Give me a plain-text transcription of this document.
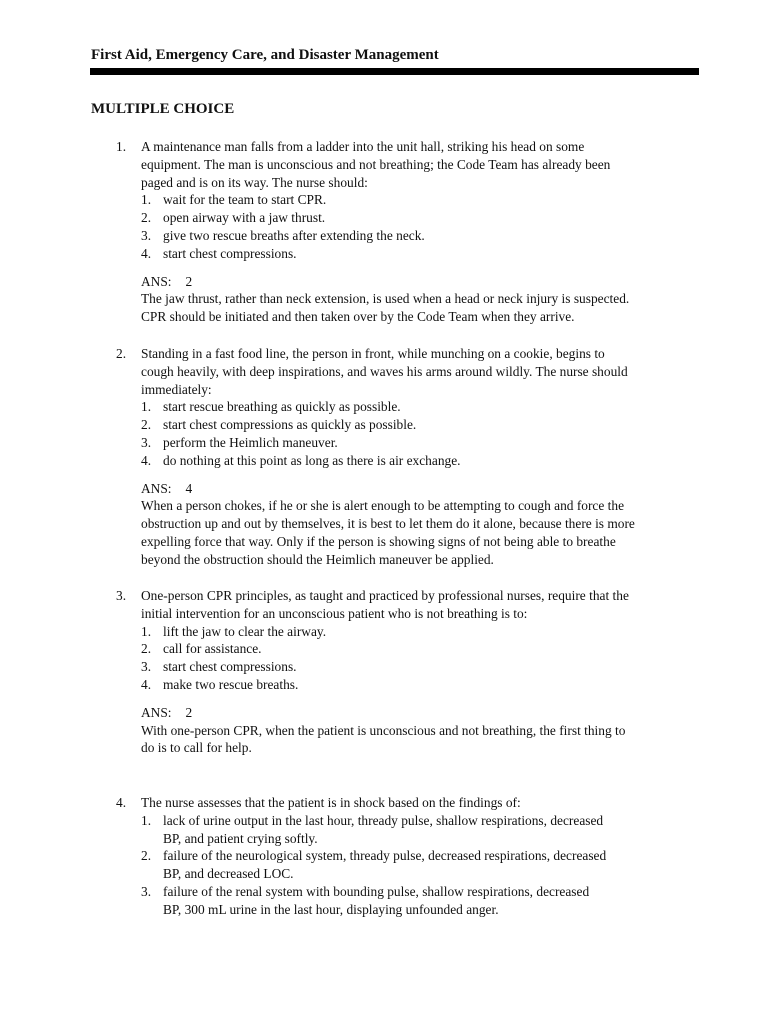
First Aid, Emergency Care, and Disaster Management
MULTIPLE CHOICE
1. A maintenance man falls from a ladder into the unit hall, striking his head on some
equipment. The man is unconscious and not breathing; the Code Team has already been
paged and is on its way. The nurse should:
1. wait for the team to start CPR.
2. open airway with a jaw thrust.
3. give two rescue breaths after extending the neck.
4. start chest compressions.
ANS: 2
The jaw thrust, rather than neck extension, is used when a head or neck injury is suspected.
CPR should be initiated and then taken over by the Code Team when they arrive.
2. Standing in a fast food line, the person in front, while munching on a cookie, begins to
cough heavily, with deep inspirations, and waves his arms around wildly. The nurse should
immediately:
1. start rescue breathing as quickly as possible.
2. start chest compressions as quickly as possible.
3. perform the Heimlich maneuver.
4. do nothing at this point as long as there is air exchange.
ANS: 4
When a person chokes, if he or she is alert enough to be attempting to cough and force the
obstruction up and out by themselves, it is best to let them do it alone, because there is more
expelling force that way. Only if the person is showing signs of not being able to breathe
beyond the obstruction should the Heimlich maneuver be applied.
3. One-person CPR principles, as taught and practiced by professional nurses, require that the
initial intervention for an unconscious patient who is not breathing is to:
1. lift the jaw to clear the airway.
2. call for assistance.
3. start chest compressions.
4. make two rescue breaths.
ANS: 2
With one-person CPR, when the patient is unconscious and not breathing, the first thing to
do is to call for help.
4. The nurse assesses that the patient is in shock based on the findings of:
1. lack of urine output in the last hour, thready pulse, shallow respirations, decreased
BP, and patient crying softly.
2. failure of the neurological system, thready pulse, decreased respirations, decreased
BP, and decreased LOC.
3. failure of the renal system with bounding pulse, shallow respirations, decreased
BP, 300 mL urine in the last hour, displaying unfounded anger.
